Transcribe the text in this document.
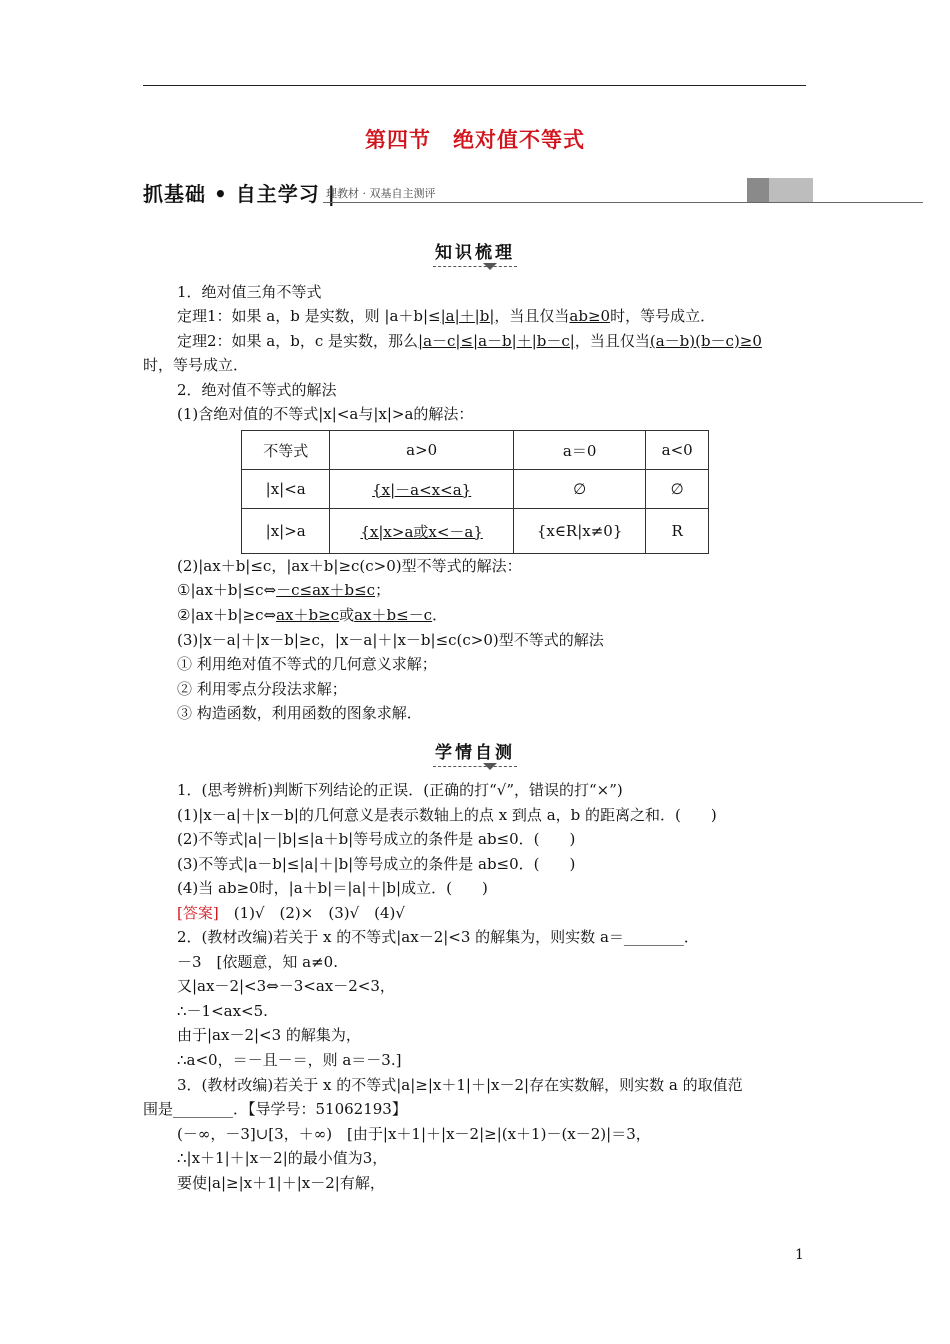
第四节　绝对值不等式
抓基础 • 自主学习 |
理教材 · 双基自主测评
知识梳理
1．绝对值三角不等式
定理1：如果 a，b 是实数，则 |a＋b|≤|a|＋|b|，当且仅当ab≥0时，等号成立．
定理2：如果 a，b，c 是实数，那么|a－c|≤|a－b|＋|b－c|，当且仅当(a－b)(b－c)≥0
时，等号成立．
2．绝对值不等式的解法
(1)含绝对值的不等式|x|<a与|x|>a的解法：
不等式	a>0	a＝0	a<0
|x|<a	{x|－a<x<a}	∅	∅
|x|>a	{x|x>a或x<－a}	{x∈R|x≠0}	R
(2)|ax＋b|≤c，|ax＋b|≥c(c>0)型不等式的解法：
①|ax＋b|≤c⇔－c≤ax＋b≤c；
②|ax＋b|≥c⇔ax＋b≥c或ax＋b≤－c．
(3)|x－a|＋|x－b|≥c，|x－a|＋|x－b|≤c(c>0)型不等式的解法
① 利用绝对值不等式的几何意义求解；
② 利用零点分段法求解；
③ 构造函数，利用函数的图象求解．
学情自测
1．(思考辨析)判断下列结论的正误．(正确的打“√”，错误的打“×”)
(1)|x－a|＋|x－b|的几何意义是表示数轴上的点 x 到点 a，b 的距离之和．(　　)
(2)不等式|a|－|b|≤|a＋b|等号成立的条件是 ab≤0．(　　)
(3)不等式|a－b|≤|a|＋|b|等号成立的条件是 ab≤0．(　　)
(4)当 ab≥0时，|a＋b|＝|a|＋|b|成立．(　　)
[答案]　(1)√　(2)×　(3)√　(4)√
2．(教材改编)若关于 x 的不等式|ax－2|<3 的解集为，则实数 a＝________．
－3　[依题意，知 a≠0.
又|ax－2|<3⇔－3<ax－2<3，
∴－1<ax<5.
由于|ax－2|<3 的解集为，
∴a<0，＝－且－＝，则 a＝－3.]
3．(教材改编)若关于 x 的不等式|a|≥|x＋1|＋|x－2|存在实数解，则实数 a 的取值范
围是________．【导学号：51062193】
(－∞，－3]∪[3，＋∞)　[由于|x＋1|＋|x－2|≥|(x＋1)－(x－2)|＝3，
∴|x＋1|＋|x－2|的最小值为3，
要使|a|≥|x＋1|＋|x－2|有解，
1
